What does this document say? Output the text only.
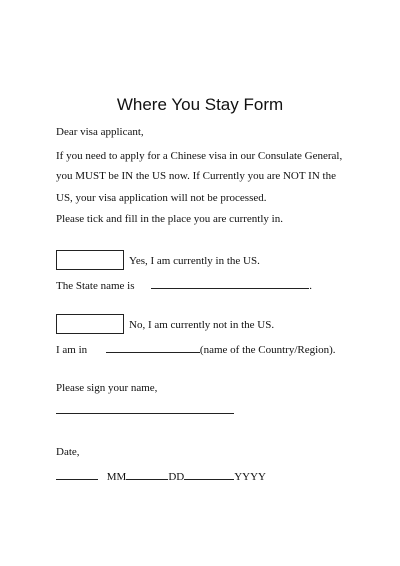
Where You Stay Form
Dear visa applicant,
If you need to apply for a Chinese visa in our Consulate General,
you MUST be IN the US now. If Currently you are NOT IN the
US, your visa application will not be processed.
Please tick and fill in the place you are currently in.
Yes, I am currently in the US.
The State name is	.
No, I am currently not in the US.
I am in	(name of the Country/Region).
Please sign your name,
Date,
MM	DD	YYYY
